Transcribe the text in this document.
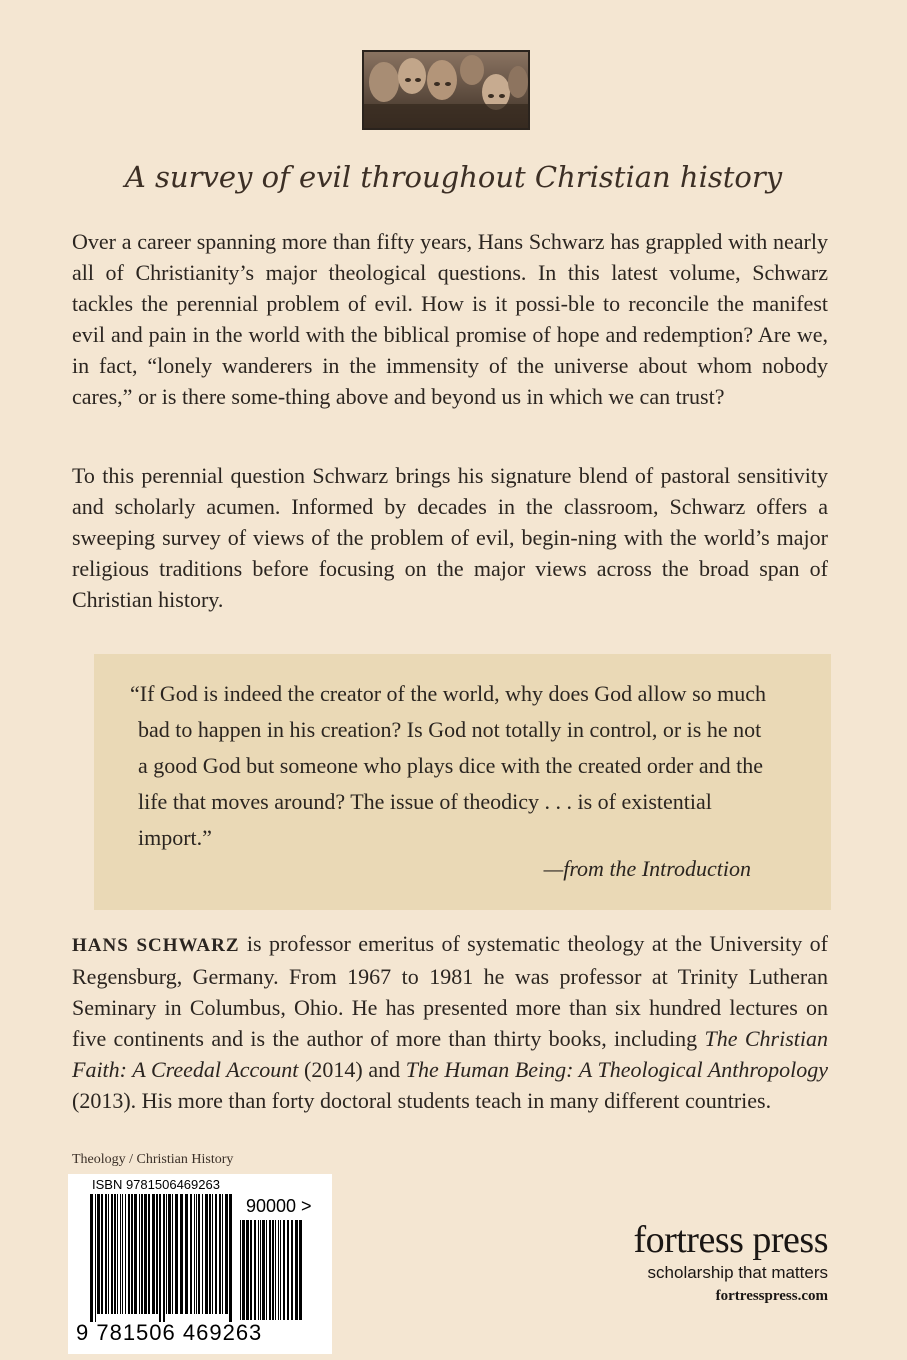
A survey of evil throughout Christian history

Over a career spanning more than fifty years, Hans Schwarz has grappled with nearly all of Christianity’s major theological questions. In this latest volume, Schwarz tackles the perennial problem of evil. How is it possi-ble to reconcile the manifest evil and pain in the world with the biblical promise of hope and redemption? Are we, in fact, “lonely wanderers in the immensity of the universe about whom nobody cares,” or is there some-thing above and beyond us in which we can trust?

To this perennial question Schwarz brings his signature blend of pastoral sensitivity and scholarly acumen. Informed by decades in the classroom, Schwarz offers a sweeping survey of views of the problem of evil, begin-ning with the world’s major religious traditions before focusing on the major views across the broad span of Christian history.

“If God is indeed the creator of the world, why does God allow so much bad to happen in his creation? Is God not totally in control, or is he not a good God but someone who plays dice with the created order and the life that moves around? The issue of theodicy . . . is of existential import.”

—from the Introduction

HANS SCHWARZ is professor emeritus of systematic theology at the University of Regensburg, Germany. From 1967 to 1981 he was professor at Trinity Lutheran Seminary in Columbus, Ohio. He has presented more than six hundred lectures on five continents and is the author of more than thirty books, including The Christian Faith: A Creedal Account (2014) and The Human Being: A Theological Anthropology (2013). His more than forty doctoral students teach in many different countries.

Theology / Christian History
ISBN 9781506469263
90000 >
9 781506 469263
fortress press
scholarship that matters
fortresspress.com
